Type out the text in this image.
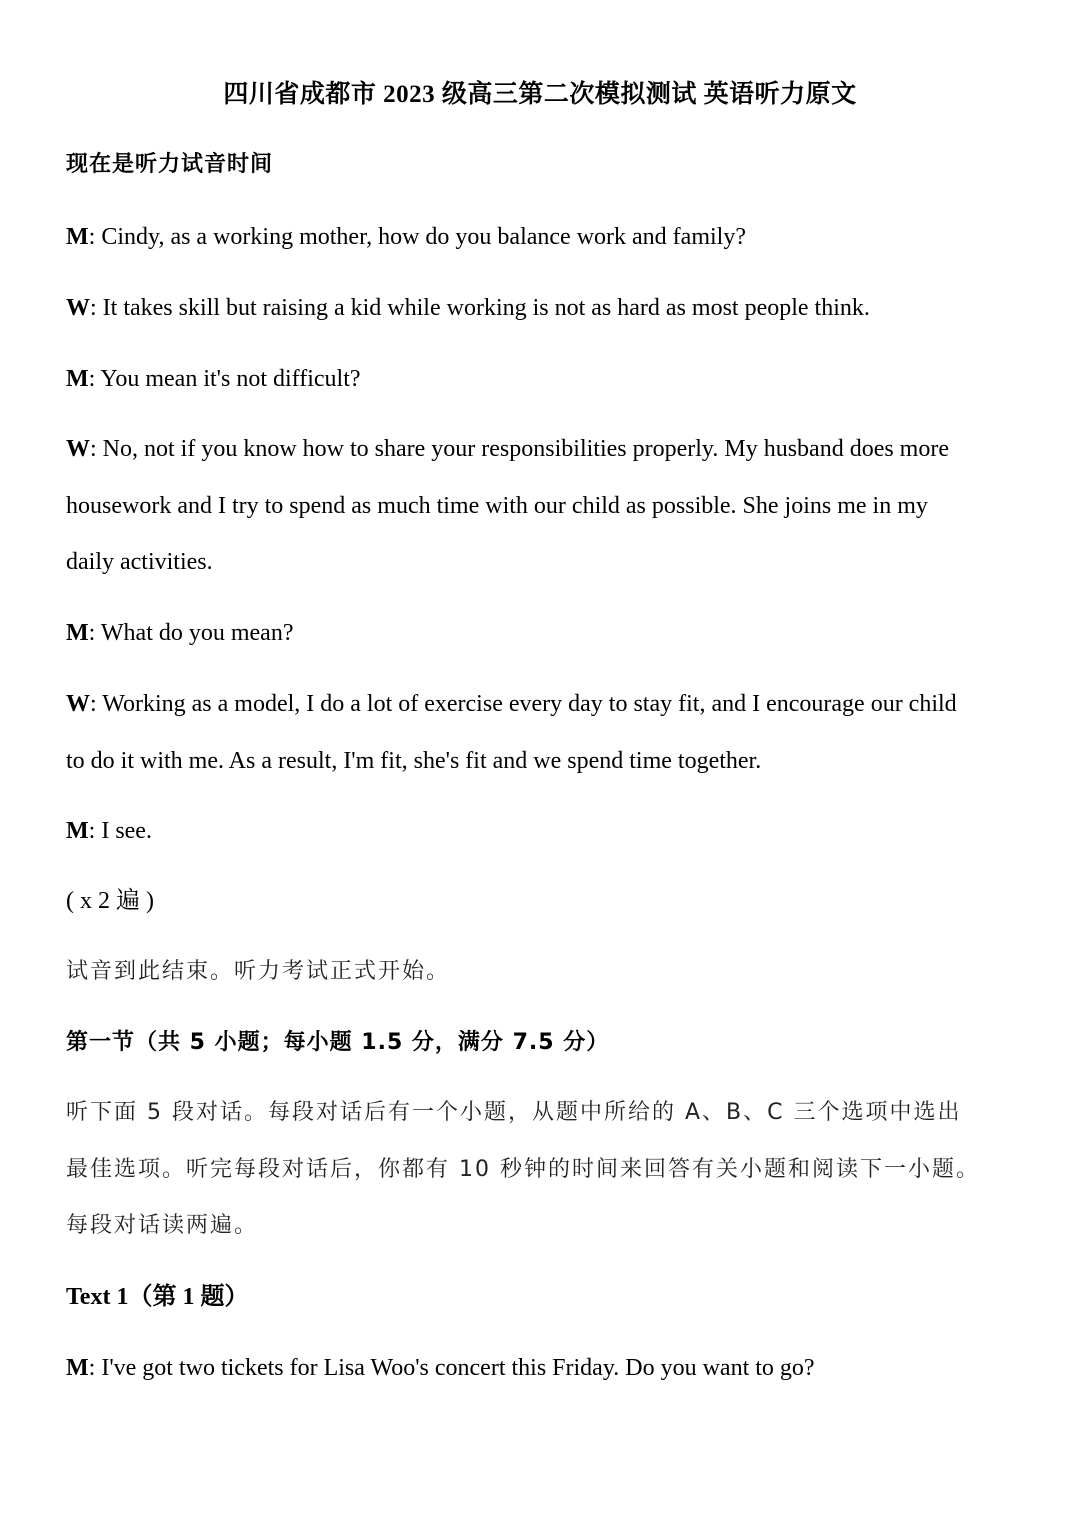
四川省成都市 2023 级高三第二次模拟测试 英语听力原文
现在是听力试音时间
M: Cindy, as a working mother, how do you balance work and family?
W: It takes skill but raising a kid while working is not as hard as most people think.
M: You mean it's not difficult?
W: No, not if you know how to share your responsibilities properly. My husband does more
housework and I try to spend as much time with our child as possible. She joins me in my
daily activities.
M: What do you mean?
W: Working as a model, I do a lot of exercise every day to stay fit, and I encourage our child
to do it with me. As a result, I'm fit, she's fit and we spend time together.
M: I see.
( x 2 遍 )
试音到此结束。听力考试正式开始。
第一节（共 5 小题；每小题 1.5 分，满分 7.5 分）
听下面 5 段对话。每段对话后有一个小题，从题中所给的 A、B、C 三个选项中选出
最佳选项。听完每段对话后，你都有 10 秒钟的时间来回答有关小题和阅读下一小题。
每段对话读两遍。
Text 1（第 1 题）
M: I've got two tickets for Lisa Woo's concert this Friday. Do you want to go?
